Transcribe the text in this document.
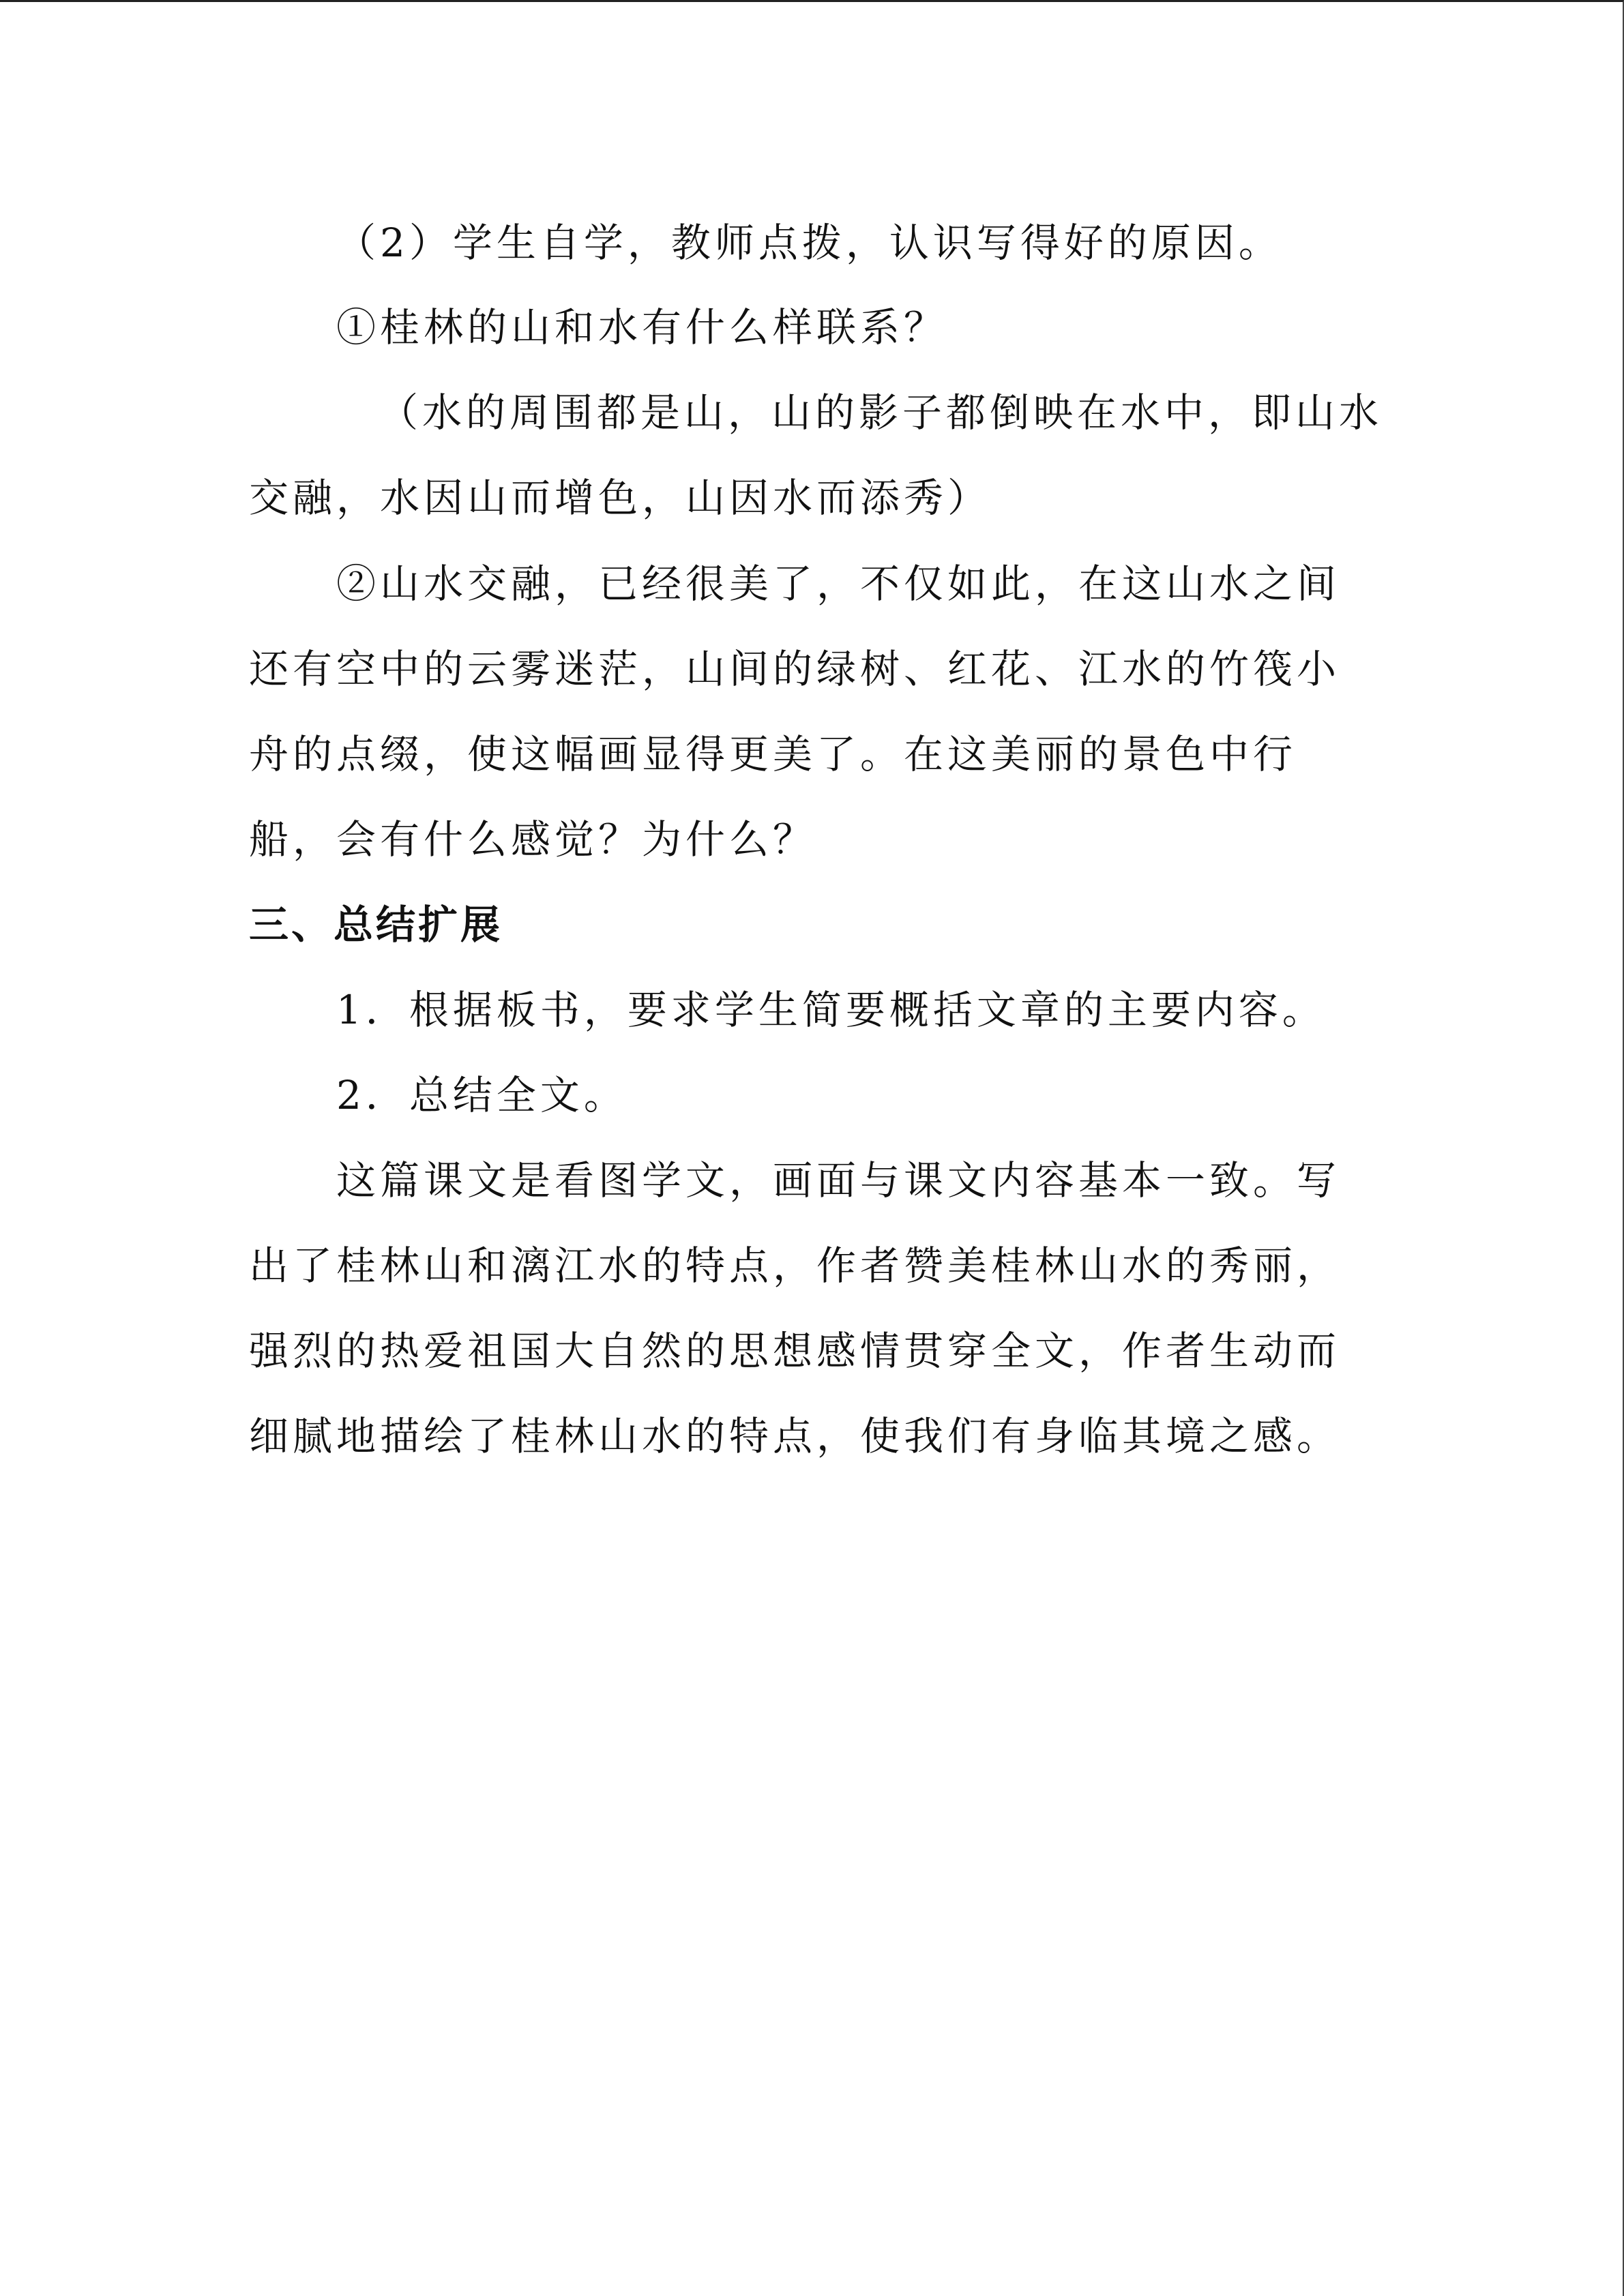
（2）学生自学，教师点拨，认识写得好的原因。
①桂林的山和水有什么样联系？
（水的周围都是山，山的影子都倒映在水中，即山水
交融，水因山而增色，山因水而添秀）
②山水交融，已经很美了，不仅如此，在这山水之间
还有空中的云雾迷茫，山间的绿树、红花、江水的竹筏小
舟的点缀，使这幅画显得更美了。在这美丽的景色中行
船，会有什么感觉？为什么？
三、总结扩展
1．根据板书，要求学生简要概括文章的主要内容。
2．总结全文。
这篇课文是看图学文，画面与课文内容基本一致。写
出了桂林山和漓江水的特点，作者赞美桂林山水的秀丽，
强烈的热爱祖国大自然的思想感情贯穿全文，作者生动而
细腻地描绘了桂林山水的特点，使我们有身临其境之感。
